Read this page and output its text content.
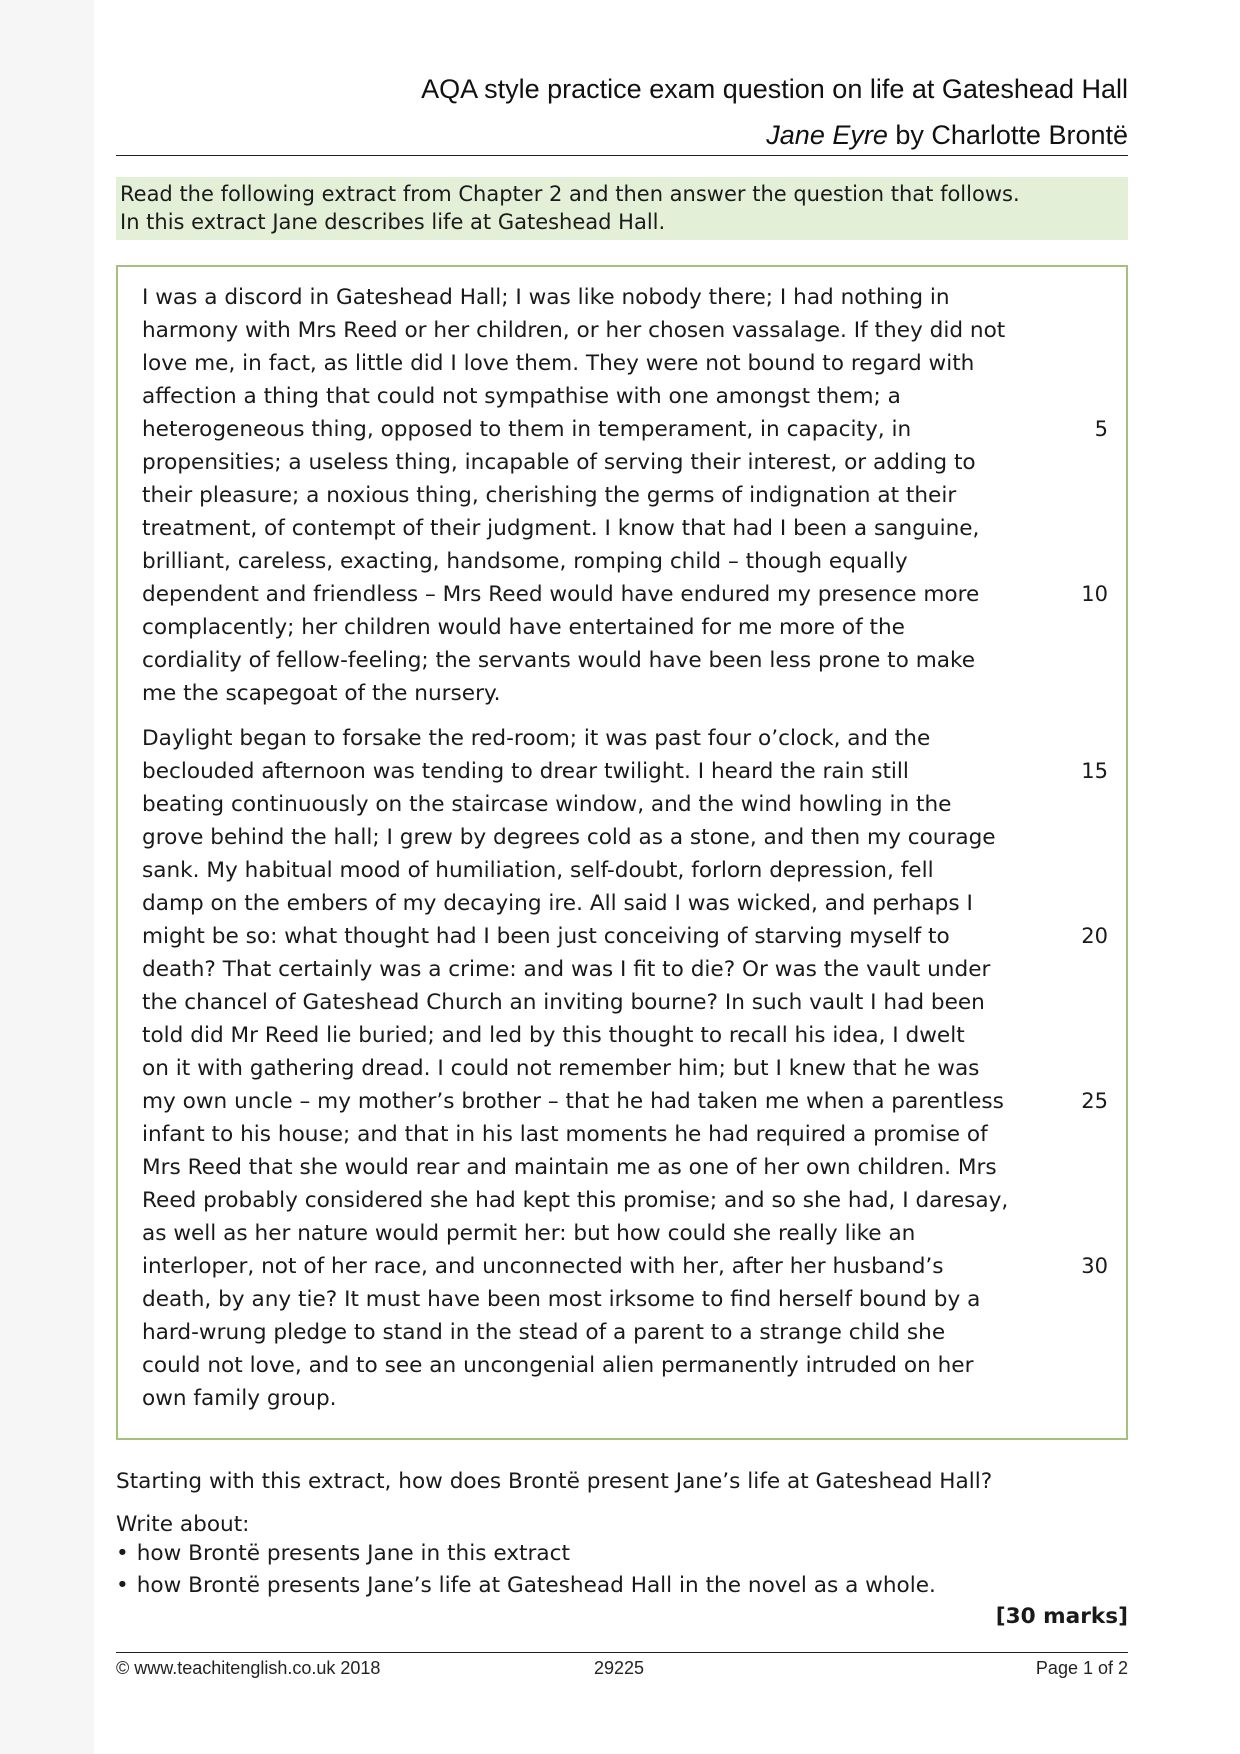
AQA style practice exam question on life at Gateshead Hall
Jane Eyre by Charlotte Brontë

Read the following extract from Chapter 2 and then answer the question that follows.

In this extract Jane describes life at Gateshead Hall.

I was a discord in Gateshead Hall; I was like nobody there; I had nothing in
harmony with Mrs Reed or her children, or her chosen vassalage. If they did not
love me, in fact, as little did I love them. They were not bound to regard with
affection a thing that could not sympathise with one amongst them; a
heterogeneous thing, opposed to them in temperament, in capacity, in
propensities; a useless thing, incapable of serving their interest, or adding to
their pleasure; a noxious thing, cherishing the germs of indignation at their
treatment, of contempt of their judgment. I know that had I been a sanguine,
brilliant, careless, exacting, handsome, romping child – though equally
dependent and friendless – Mrs Reed would have endured my presence more
complacently; her children would have entertained for me more of the
cordiality of fellow-feeling; the servants would have been less prone to make
me the scapegoat of the nursery.
Daylight began to forsake the red-room; it was past four o’clock, and the
beclouded afternoon was tending to drear twilight. I heard the rain still
beating continuously on the staircase window, and the wind howling in the
grove behind the hall; I grew by degrees cold as a stone, and then my courage
sank. My habitual mood of humiliation, self-doubt, forlorn depression, fell
damp on the embers of my decaying ire. All said I was wicked, and perhaps I
might be so: what thought had I been just conceiving of starving myself to
death? That certainly was a crime: and was I fit to die? Or was the vault under
the chancel of Gateshead Church an inviting bourne? In such vault I had been
told did Mr Reed lie buried; and led by this thought to recall his idea, I dwelt
on it with gathering dread. I could not remember him; but I knew that he was
my own uncle – my mother’s brother – that he had taken me when a parentless
infant to his house; and that in his last moments he had required a promise of
Mrs Reed that she would rear and maintain me as one of her own children. Mrs
Reed probably considered she had kept this promise; and so she had, I daresay,
as well as her nature would permit her: but how could she really like an
interloper, not of her race, and unconnected with her, after her husband’s
death, by any tie? It must have been most irksome to find herself bound by a
hard-wrung pledge to stand in the stead of a parent to a strange child she
could not love, and to see an uncongenial alien permanently intruded on her
own family group.
5
10
15
20
25
30
Starting with this extract, how does Brontë present Jane’s life at Gateshead Hall?
Write about:
• how Brontë presents Jane in this extract
• how Brontë presents Jane’s life at Gateshead Hall in the novel as a whole.
[30 marks]
© www.teachitenglish.co.uk 2018	29225	Page 1 of 2
